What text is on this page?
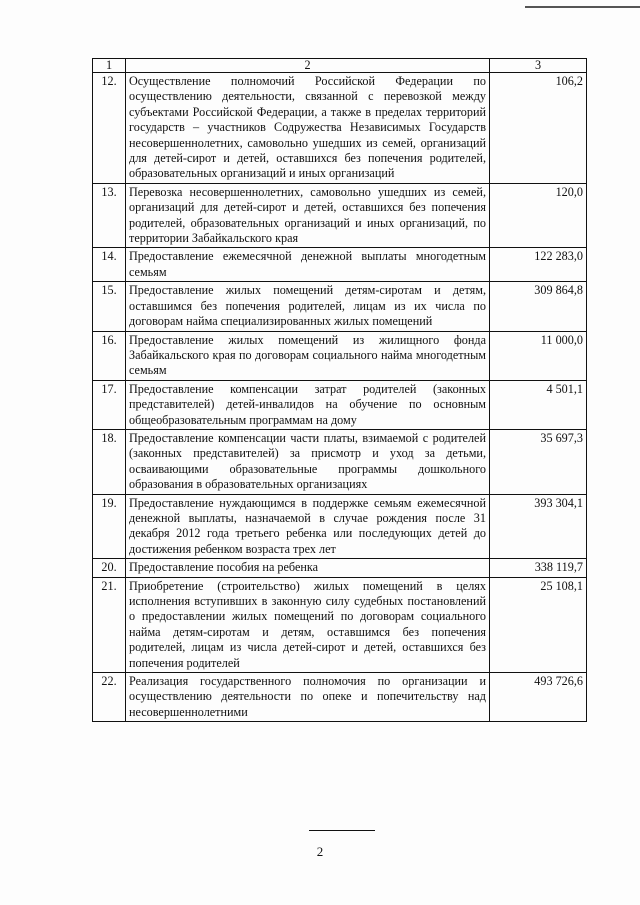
1	2	3
12.	Осуществление полномочий Российской Федерации по осуществлению деятельности, связанной с перевозкой между субъектами Российской Федерации, а также в пределах территорий государств – участников Содружества Независимых Государств несовершеннолетних, самовольно ушедших из семей, организаций для детей-сирот и детей, оставшихся без попечения родителей, образовательных организаций и иных организаций	106,2
13.	Перевозка несовершеннолетних, самовольно ушедших из семей, организаций для детей-сирот и детей, оставшихся без попечения родителей, образовательных организаций и иных организаций, по территории Забайкальского края	120,0
14.	Предоставление ежемесячной денежной выплаты многодетным семьям	122 283,0
15.	Предоставление жилых помещений детям-сиротам и детям, оставшимся без попечения родителей, лицам из их числа по договорам найма специализированных жилых помещений	309 864,8
16.	Предоставление жилых помещений из жилищного фонда Забайкальского края по договорам социального найма многодетным семьям	11 000,0
17.	Предоставление компенсации затрат родителей (законных представителей) детей-инвалидов на обучение по основным общеобразовательным программам на дому	4 501,1
18.	Предоставление компенсации части платы, взимаемой с родителей (законных представителей) за присмотр и уход за детьми, осваивающими образовательные программы дошкольного образования в образовательных организациях	35 697,3
19.	Предоставление нуждающимся в поддержке семьям ежемесячной денежной выплаты, назначаемой в случае рождения после 31 декабря 2012 года третьего ребенка или последующих детей до достижения ребенком возраста трех лет	393 304,1
20.	Предоставление пособия на ребенка	338 119,7
21.	Приобретение (строительство) жилых помещений в целях исполнения вступивших в законную силу судебных постановлений о предоставлении жилых помещений по договорам социального найма детям-сиротам и детям, оставшимся без попечения родителей, лицам из числа детей-сирот и детей, оставшихся без попечения родителей	25 108,1
22.	Реализация государственного полномочия по организации и осуществлению деятельности по опеке и попечительству над несовершеннолетними	493 726,6
2
